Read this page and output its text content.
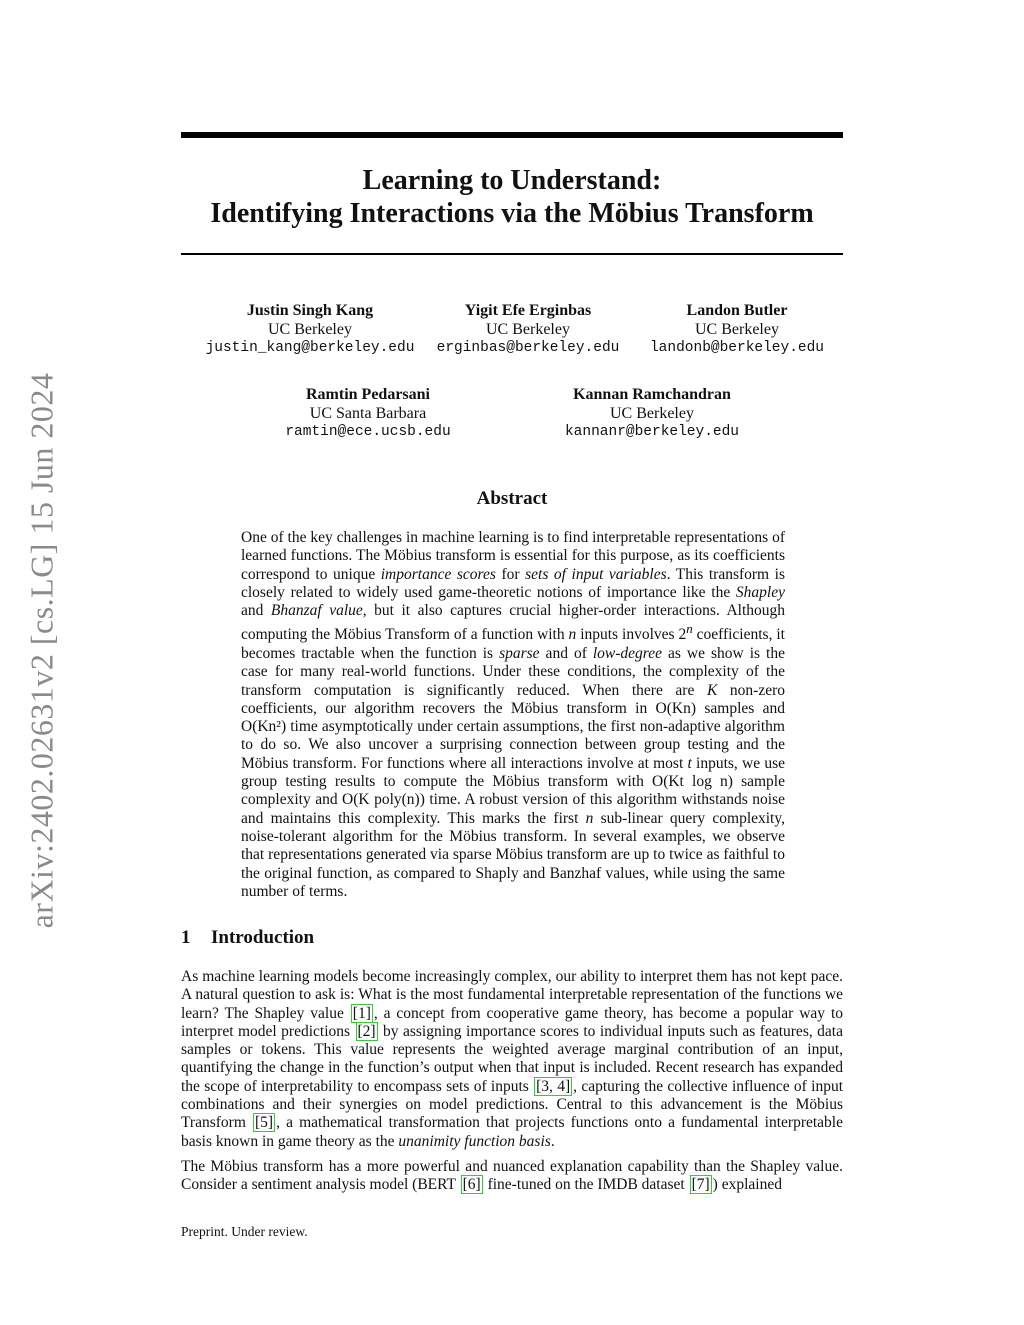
arXiv:2402.02631v2 [cs.LG] 15 Jun 2024
Learning to Understand:
Identifying Interactions via the Möbius Transform
Justin Singh Kang
UC Berkeley
justin_kang@berkeley.edu
Yigit Efe Erginbas
UC Berkeley
erginbas@berkeley.edu
Landon Butler
UC Berkeley
landonb@berkeley.edu
Ramtin Pedarsani
UC Santa Barbara
ramtin@ece.ucsb.edu
Kannan Ramchandran
UC Berkeley
kannanr@berkeley.edu
Abstract
One of the key challenges in machine learning is to find interpretable representations of learned functions. The Möbius transform is essential for this purpose, as its coefficients correspond to unique importance scores for sets of input variables. This transform is closely related to widely used game-theoretic notions of importance like the Shapley and Bhanzaf value, but it also captures crucial higher-order interactions. Although computing the Möbius Transform of a function with n inputs involves 2$^n$ coefficients, it becomes tractable when the function is sparse and of low-degree as we show is the case for many real-world functions. Under these conditions, the complexity of the transform computation is significantly reduced. When there are K non-zero coefficients, our algorithm recovers the Möbius transform in O(Kn) samples and O(Kn²) time asymptotically under certain assumptions, the first non-adaptive algorithm to do so. We also uncover a surprising connection between group testing and the Möbius transform. For functions where all interactions involve at most t inputs, we use group testing results to compute the Möbius transform with O(Kt log n) sample complexity and O(K poly(n)) time. A robust version of this algorithm withstands noise and maintains this complexity. This marks the first n sub-linear query complexity, noise-tolerant algorithm for the Möbius transform. In several examples, we observe that representations generated via sparse Möbius transform are up to twice as faithful to the original function, as compared to Shaply and Banzhaf values, while using the same number of terms.
1 Introduction

As machine learning models become increasingly complex, our ability to interpret them has not kept pace. A natural question to ask is: What is the most fundamental interpretable representation of the functions we learn? The Shapley value [1] , a concept from cooperative game theory, has become a popular way to interpret model predictions [2] by assigning importance scores to individual inputs such as features, data samples or tokens. This value represents the weighted average marginal contribution of an input, quantifying the change in the function’s output when that input is included. Recent research has expanded the scope of interpretability to encompass sets of inputs [3, 4] , capturing the collective influence of input combinations and their synergies on model predictions. Central to this advancement is the Möbius Transform [5] , a mathematical transformation that projects functions onto a fundamental interpretable basis known in game theory as the unanimity function basis.

The Möbius transform has a more powerful and nuanced explanation capability than the Shapley value. Consider a sentiment analysis model (BERT [6] fine-tuned on the IMDB dataset [7] ) explained

Preprint. Under review.
